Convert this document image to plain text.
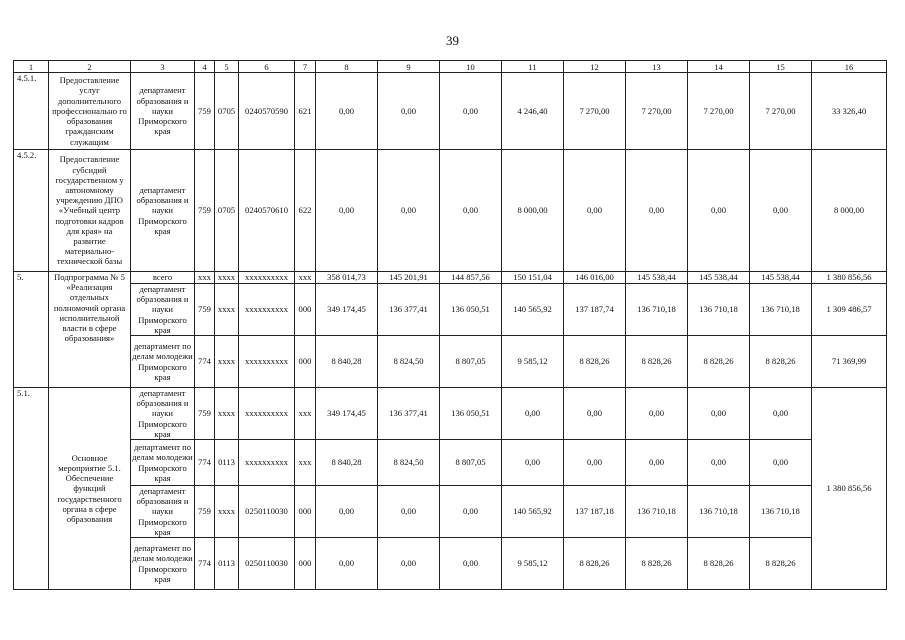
39
1	2	3	4	5	6	7	8	9	10	11	12	13	14	15	16
4.5.1.	Предоставление услуг дополнительного профессионально го образования гражданским служащим	департамент образования и науки Приморского края	759	0705	0240570590	621	0,00	0,00	0,00	4 246,40	7 270,00	7 270,00	7 270,00	7 270,00	33 326,40
4.5.2.	Предоставление субсидий государственном у автономному учреждению ДПО «Учебный центр подготовки кадров для края» на развитие материально-технической базы	департамент образования и науки Приморского края	759	0705	0240570610	622	0,00	0,00	0,00	8 000,00	0,00	0,00	0,00	0,00	8 000,00
5.	Подпрограмма № 5 «Реализация отдельных полномочий органа исполнительной власти в сфере образования»	всего	xxx	xxxx	xxxxxxxxxx	xxx	358 014,73	145 201,91	144 857,56	150 151,04	146 016,00	145 538,44	145 538,44	145 538,44	1 380 856,56
		департамент образования и науки Приморского края	759	xxxx	xxxxxxxxxx	000	349 174,45	136 377,41	136 050,51	140 565,92	137 187,74	136 710,18	136 710,18	136 710,18	1 309 486,57
		департамент по делам молодежи Приморского края	774	xxxx	xxxxxxxxxx	000	8 840,28	8 824,50	8 807,05	9 585,12	8 828,26	8 828,26	8 828,26	8 828,26	71 369,99
5.1.	Основное мероприятие 5.1. Обеспечение функций государственного органа в сфере образования	департамент образования и науки Приморского края	759	xxxx	xxxxxxxxxx	xxx	349 174,45	136 377,41	136 050,51	0,00	0,00	0,00	0,00	0,00	1 380 856,56
		департамент по делам молодежи Приморского края	774	0113	xxxxxxxxxx	xxx	8 840,28	8 824,50	8 807,05	0,00	0,00	0,00	0,00	0,00	
		департамент образования и науки Приморского края	759	xxxx	0250110030	000	0,00	0,00	0,00	140 565,92	137 187,18	136 710,18	136 710,18	136 710,18	
		департамент по делам молодежи Приморского края	774	0113	0250110030	000	0,00	0,00	0,00	9 585,12	8 828,26	8 828,26	8 828,26	8 828,26	
